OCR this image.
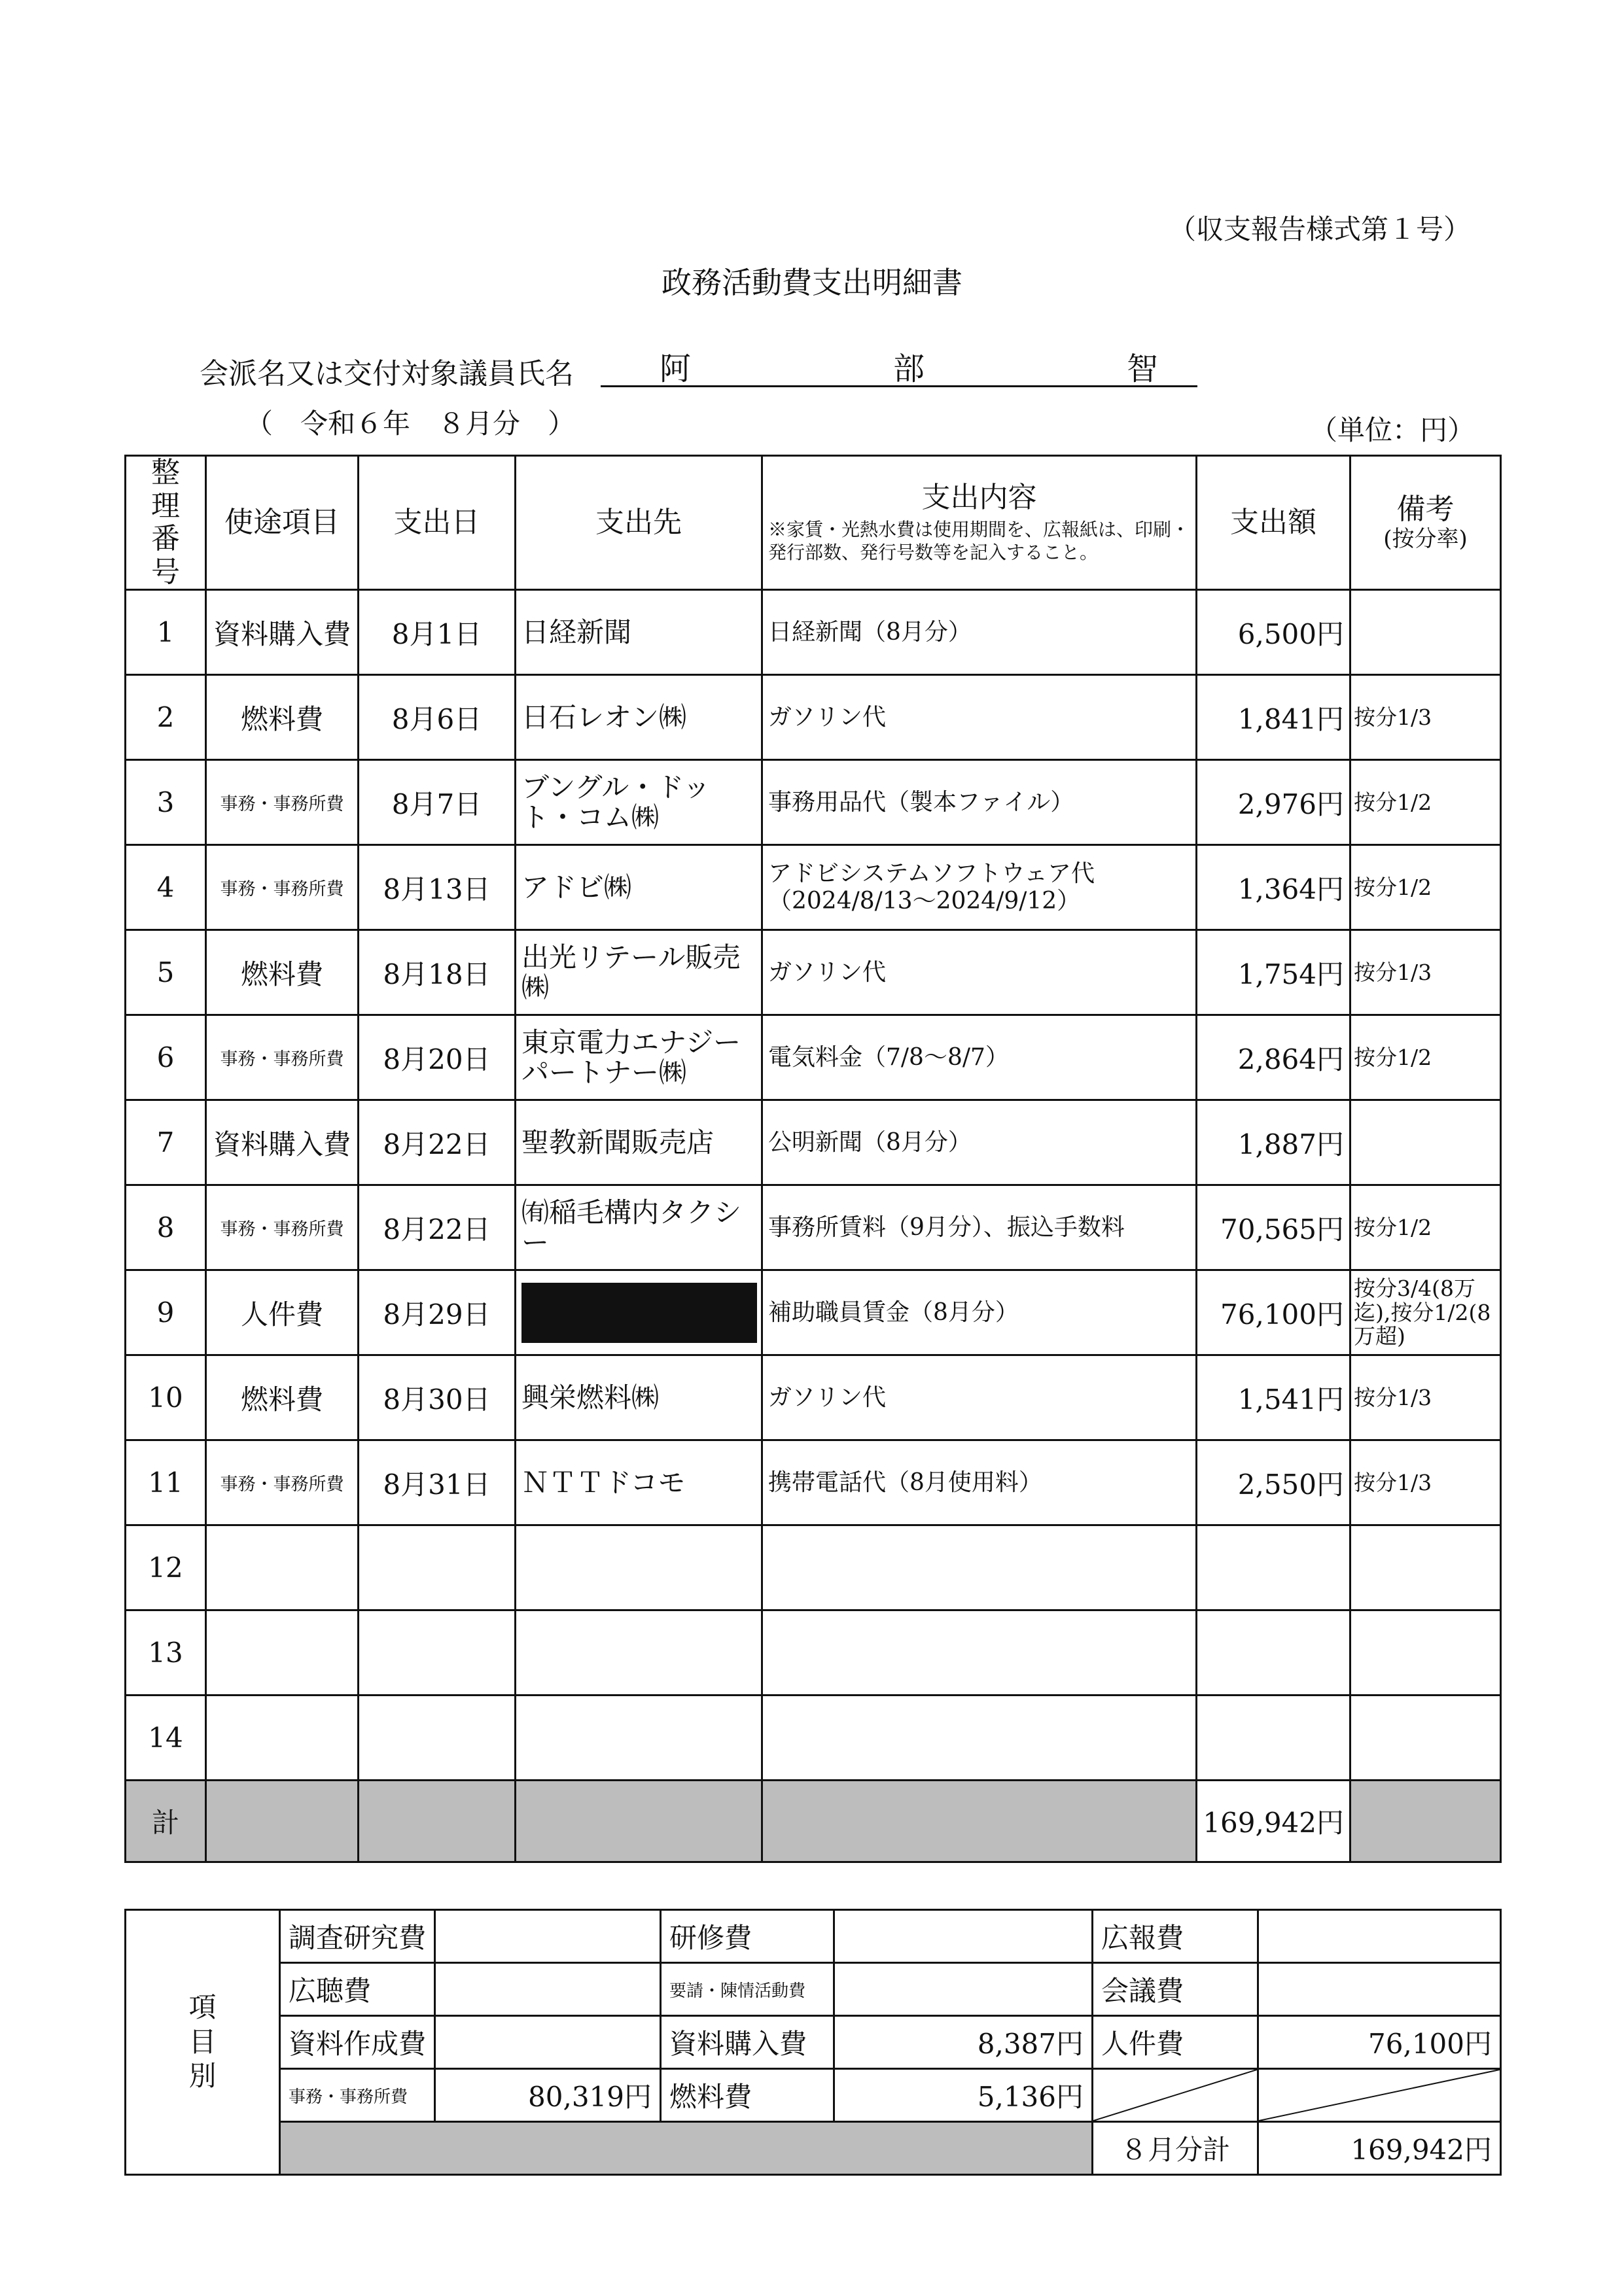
（収支報告様式第１号）
政務活動費支出明細書
会派名又は交付対象議員氏名	阿	部	智
（　令和６年　８月分　）	（単位：円）
整理番号	使途項目	支出日	支出先	支出内容
※家賃・光熱水費は使用期間を、広報紙は、印刷・発行部数、発行号数等を記入すること。	支出額	備考
(按分率)

1	資料購入費	8月1日	日経新聞	日経新聞（8月分）	6,500円	
2	燃料費	8月6日	日石レオン㈱	ガソリン代	1,841円	按分1/3
3	事務・事務所費	8月7日	ブングル・ドット・コム㈱	事務用品代（製本ファイル）	2,976円	按分1/2
4	事務・事務所費	8月13日	アドビ㈱	アドビシステムソフトウェア代（2024/8/13～2024/9/12）	1,364円	按分1/2
5	燃料費	8月18日	出光リテール販売㈱	ガソリン代	1,754円	按分1/3
6	事務・事務所費	8月20日	東京電力エナジーパートナー㈱	電気料金（7/8～8/7）	2,864円	按分1/2
7	資料購入費	8月22日	聖教新聞販売店	公明新聞（8月分）	1,887円	
8	事務・事務所費	8月22日	㈲稲毛構内タクシー	事務所賃料（9月分）、振込手数料	70,565円	按分1/2
9	人件費	8月29日		補助職員賃金（8月分）	76,100円	按分3/4(8万迄),按分1/2(8万超)
10	燃料費	8月30日	興栄燃料㈱	ガソリン代	1,541円	按分1/3
11	事務・事務所費	8月31日	ＮＴＴドコモ	携帯電話代（8月使用料）	2,550円	按分1/3
12						
13						
14						
計					169,942円	
項目別	調査研究費		研修費		広報費	
	広聴費		要請・陳情活動費		会議費	
	資料作成費		資料購入費	8,387円	人件費	76,100円
	事務・事務所費	80,319円	燃料費	5,136円	

					８月分計	169,942円
